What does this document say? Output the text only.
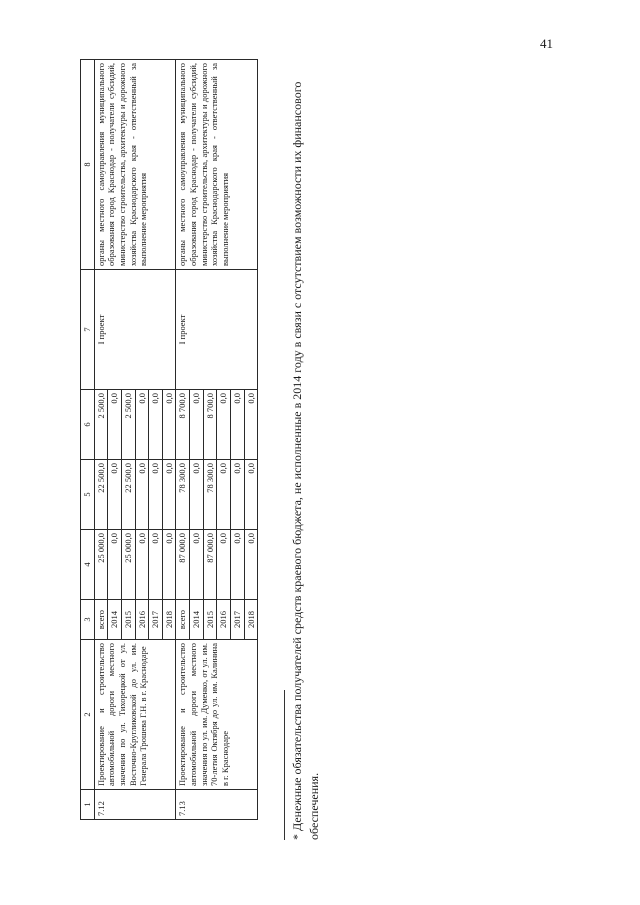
41
1	2	3	4	5	6	7	8
7.12	Проектирование и строительство автомобильной дороги местного значения по ул. Тихорецкой от ул. Восточно-Кругликовской до ул. им. Генерала Трошева Г.Н. в г. Краснодаре	всего	25 000,0	22 500,0	2 500,0	I проект	органы местного самоуправления муниципального образования город Краснодар - получатели субсидий, министерство строительства, архитектуры и дорожного хозяйства Краснодарского края - ответственный за выполнение мероприятия
		2014	0,0	0,0	0,0		
		2015	25 000,0	22 500,0	2 500,0		
		2016	0,0	0,0	0,0		
		2017	0,0	0,0	0,0		
		2018	0,0	0,0	0,0		
7.13	Проектирование и строительство автомобильной дороги местного значения по ул. им. Думенко, от ул. им. 70-летия Октября до ул. им. Калинина в г. Краснодаре	всего	87 000,0	78 300,0	8 700,0	I проект	органы местного самоуправления муниципального образования город Краснодар - получатели субсидий, министерство строительства, архитектуры и дорожного хозяйства Краснодарского края - ответственный за выполнение мероприятия
		2014	0,0	0,0	0,0		
		2015	87 000,0	78 300,0	8 700,0		
		2016	0,0	0,0	0,0		
		2017	0,0	0,0	0,0		
		2018	0,0	0,0	0,0			* Денежные обязательства получателей средств краевого бюджета, не исполненные в 2014 году в связи с отсутствием возможности их финансового обеспечения.
